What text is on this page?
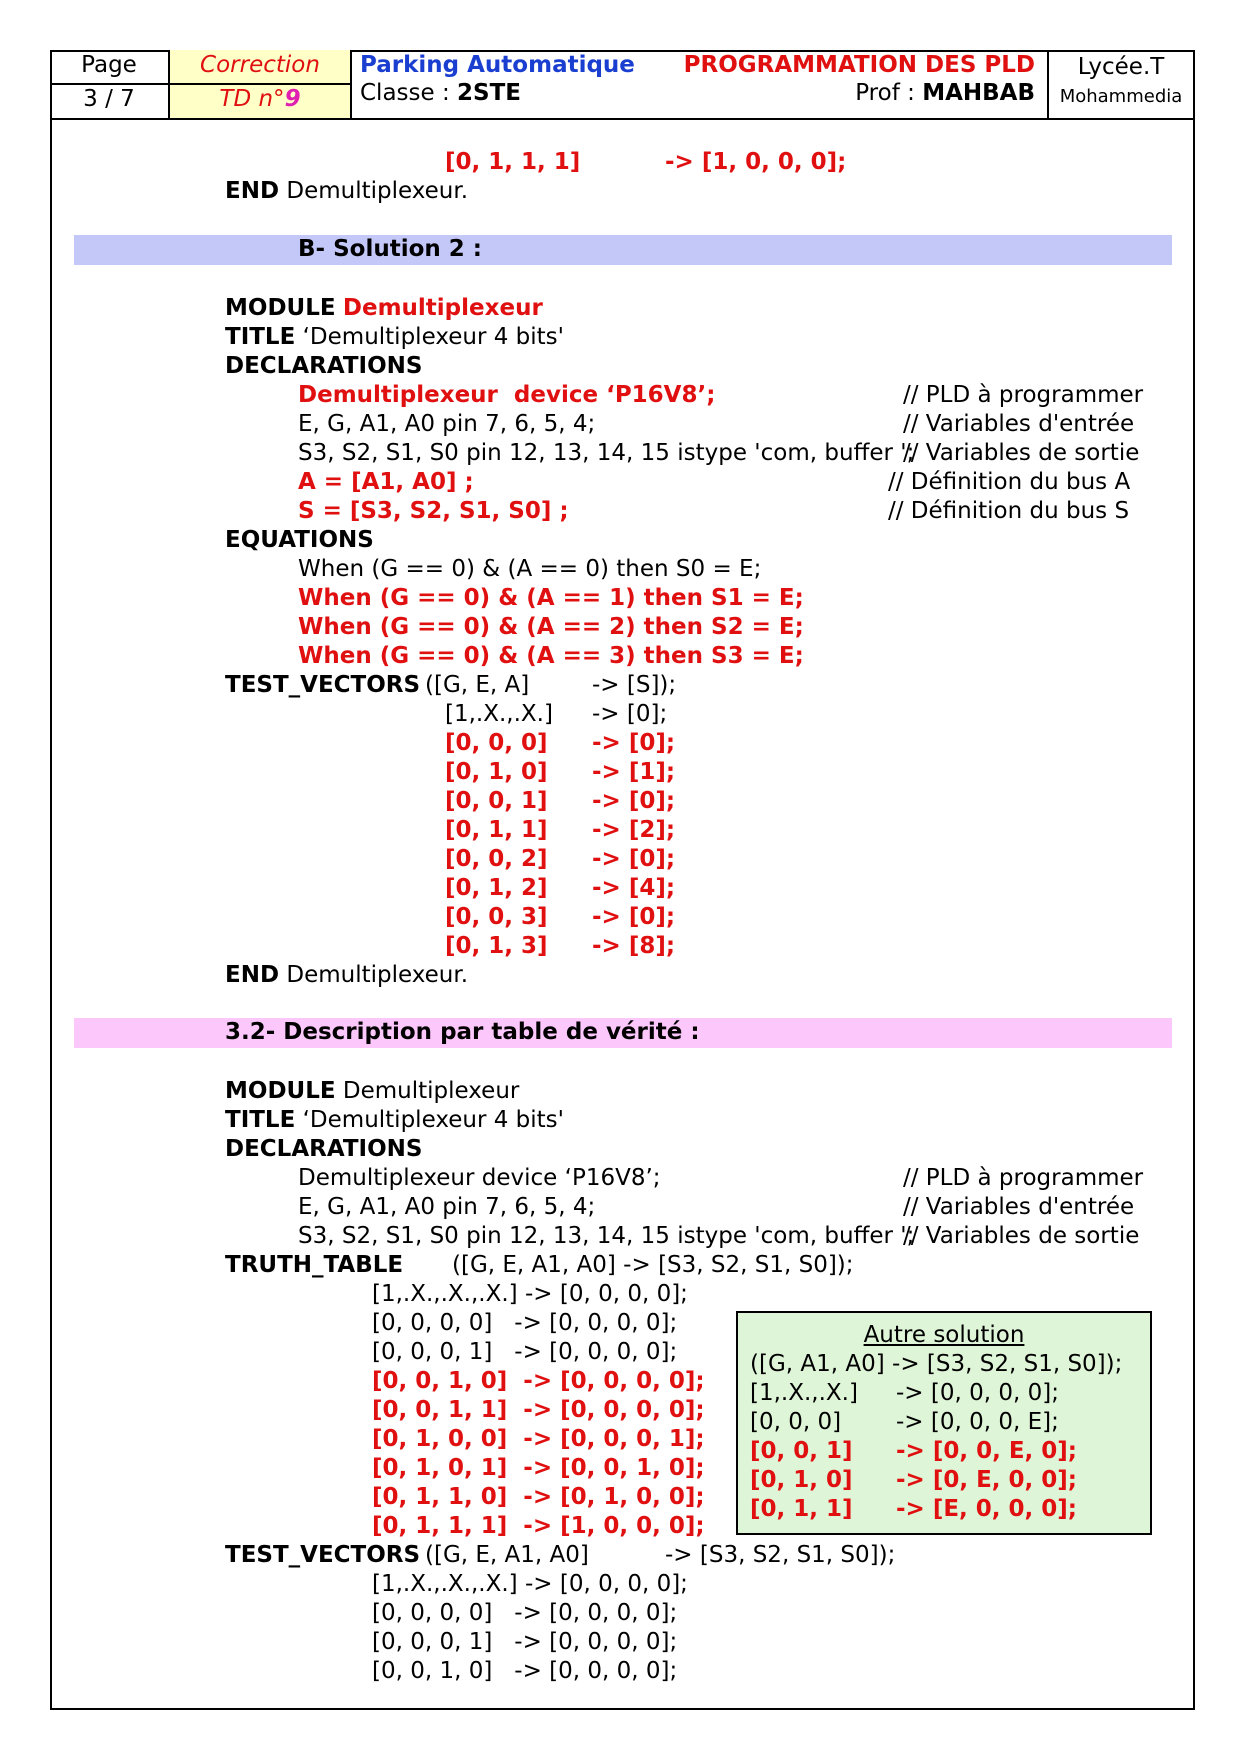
Page
3 / 7
Correction
TD n°9
Parking Automatique
Classe : 2STE
PROGRAMMATION DES PLD
Prof : MAHBAB
Lycée.T
Mohammedia
[0, 1, 1, 1]	-> [1, 0, 0, 0];
END Demultiplexeur.
B- Solution 2 :
MODULE Demultiplexeur
TITLE ‘Demultiplexeur 4 bits'
DECLARATIONS
Demultiplexeur  device ‘P16V8’;	// PLD à programmer
E, G, A1, A0 pin 7, 6, 5, 4;	// Variables d'entrée
S3, S2, S1, S0 pin 12, 13, 14, 15 istype 'com, buffer ';
// Variables de sortie
A = [A1, A0] ;	// Définition du bus A
S = [S3, S2, S1, S0] ;	// Définition du bus S
EQUATIONS
When (G == 0) & (A == 0) then S0 = E;
When (G == 0) & (A == 1) then S1 = E;
When (G == 0) & (A == 2) then S2 = E;
When (G == 0) & (A == 3) then S3 = E;
TEST_VECTORS ([G, E, A]	-> [S]);
[1,.X.,.X.] -> [0];
[0, 0, 0] -> [0];
[0, 1, 0] -> [1];
[0, 0, 1] -> [0];
[0, 1, 1] -> [2];
[0, 0, 2] -> [0];
[0, 1, 2] -> [4];
[0, 0, 3] -> [0];
[0, 1, 3] -> [8];
END Demultiplexeur.
3.2- Description par table de vérité :
MODULE Demultiplexeur
TITLE ‘Demultiplexeur 4 bits'
DECLARATIONS
Demultiplexeur device ‘P16V8’;	// PLD à programmer
E, G, A1, A0 pin 7, 6, 5, 4;	// Variables d'entrée
S3, S2, S1, S0 pin 12, 13, 14, 15 istype 'com, buffer ';
// Variables de sortie
TRUTH_TABLE ([G, E, A1, A0] -> [S3, S2, S1, S0]);
[1,.X.,.X.,.X.] -> [0, 0, 0, 0];
[0, 0, 0, 0]   -> [0, 0, 0, 0];
[0, 0, 0, 1]   -> [0, 0, 0, 0];
[0, 0, 1, 0]  -> [0, 0, 0, 0];
[0, 0, 1, 1]  -> [0, 0, 0, 0];
[0, 1, 0, 0]  -> [0, 0, 0, 1];
[0, 1, 0, 1]  -> [0, 0, 1, 0];
[0, 1, 1, 0]  -> [0, 1, 0, 0];
[0, 1, 1, 1]  -> [1, 0, 0, 0];
TEST_VECTORS ([G, E, A1, A0]	-> [S3, S2, S1, S0]);
[1,.X.,.X.,.X.] -> [0, 0, 0, 0];
[0, 0, 0, 0]   -> [0, 0, 0, 0];
[0, 0, 0, 1]   -> [0, 0, 0, 0];
[0, 0, 1, 0]   -> [0, 0, 0, 0];
Autre solution
([G, A1, A0] -> [S3, S2, S1, S0]);
[1,.X.,.X.] -> [0, 0, 0, 0];
[0, 0, 0] -> [0, 0, 0, E];
[0, 0, 1] -> [0, 0, E, 0];
[0, 1, 0] -> [0, E, 0, 0];
[0, 1, 1] -> [E, 0, 0, 0];
